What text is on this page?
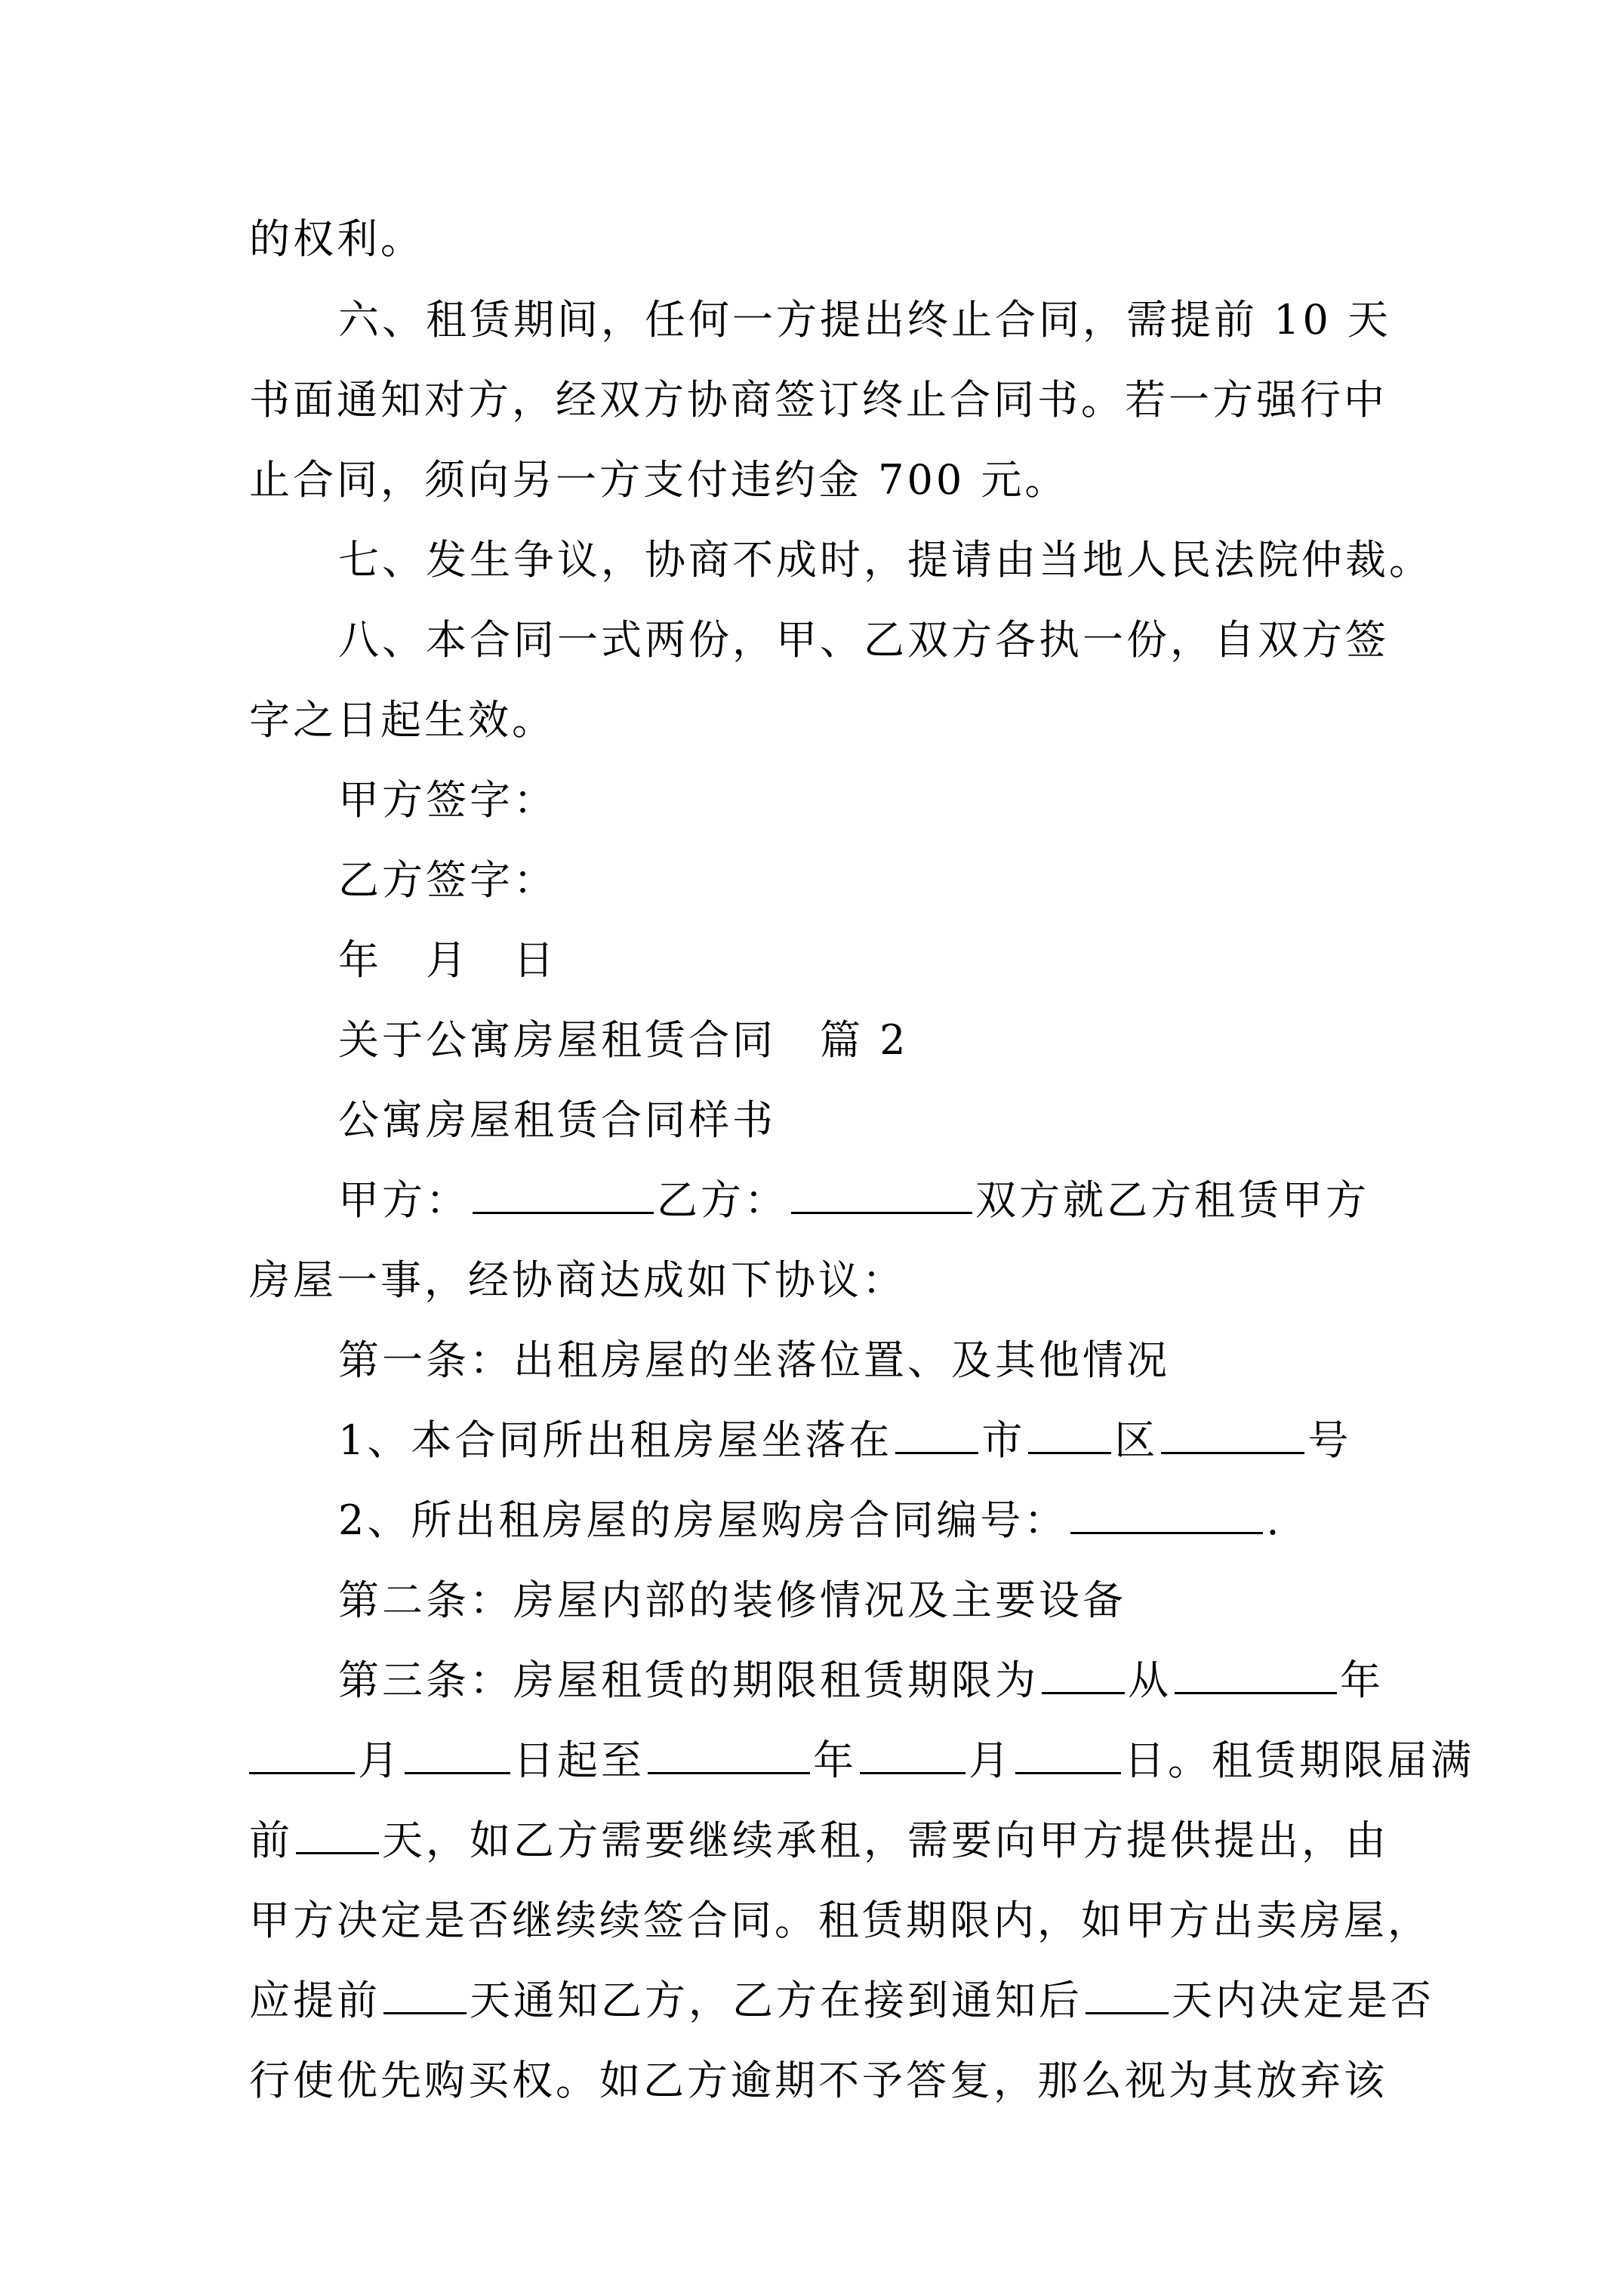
的权利。
六、租赁期间，任何一方提出终止合同，需提前 10 天
书面通知对方，经双方协商签订终止合同书。若一方强行中
止合同，须向另一方支付违约金 700 元。
七、发生争议，协商不成时，提请由当地人民法院仲裁。
八、本合同一式两份，甲、乙双方各执一份，自双方签
字之日起生效。
甲方签字：
乙方签字：
年　月　日
关于公寓房屋租赁合同　篇 2
公寓房屋租赁合同样书
甲方：	乙方：	双方就乙方租赁甲方
房屋一事，经协商达成如下协议：
第一条：出租房屋的坐落位置、及其他情况
1、本合同所出租房屋坐落在 市 区	号
2、所出租房屋的房屋购房合同编号：	.
第二条：房屋内部的装修情况及主要设备
第三条：房屋租赁的期限租赁期限为 从	年
月	日起至	年	月	日。租赁期限届满
前 天，如乙方需要继续承租，需要向甲方提供提出，由
甲方决定是否继续续签合同。租赁期限内，如甲方出卖房屋，
应提前 天通知乙方，乙方在接到通知后 天内决定是否
行使优先购买权。如乙方逾期不予答复，那么视为其放弃该
